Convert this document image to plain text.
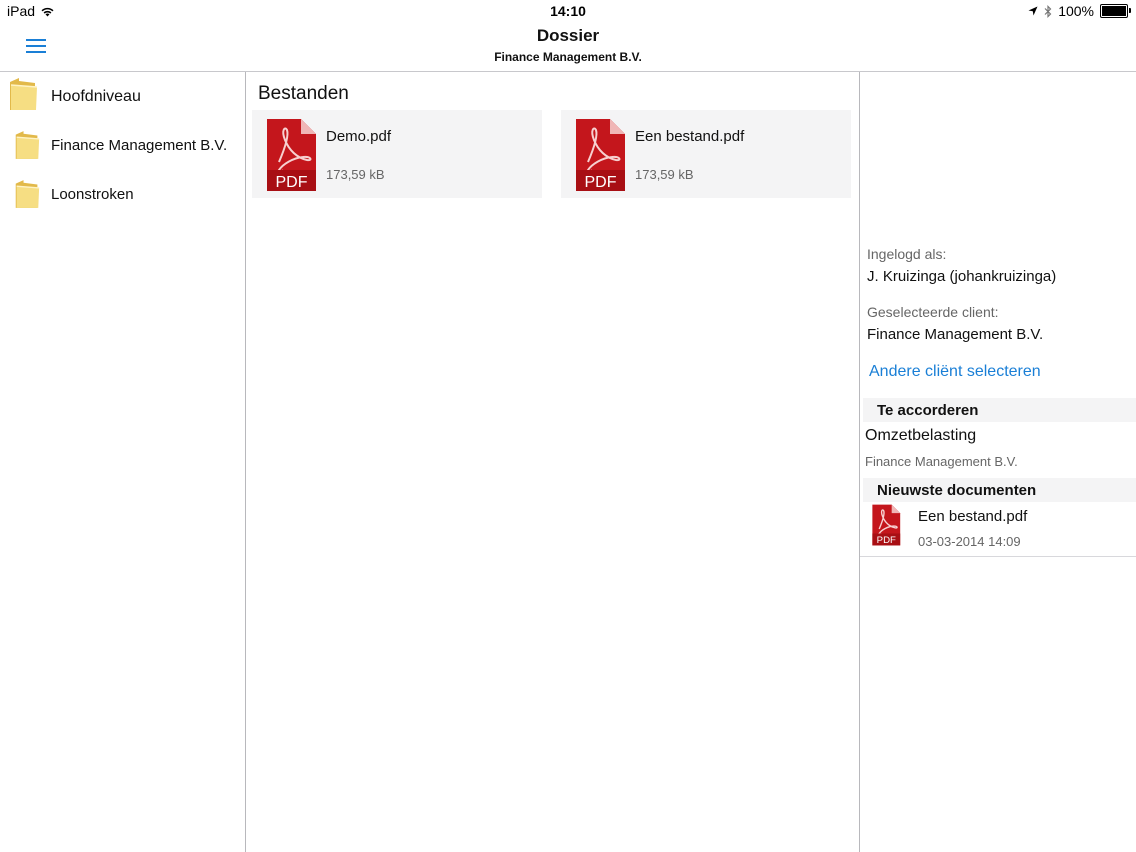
iPad	14:10	100%
Dossier
Finance Management B.V.
Hoofdniveau
Finance Management B.V.
Loonstroken
Bestanden
PDF
Demo.pdf
173,59 kB	PDF
Een bestand.pdf
173,59 kB
Ingelogd als:
J. Kruizinga (johankruizinga)
Geselecteerde client:
Finance Management B.V.
Andere cliënt selecteren
Te accorderen
Omzetbelasting
Finance Management B.V.
Nieuwste documenten
PDF
Een bestand.pdf
03-03-2014 14:09
